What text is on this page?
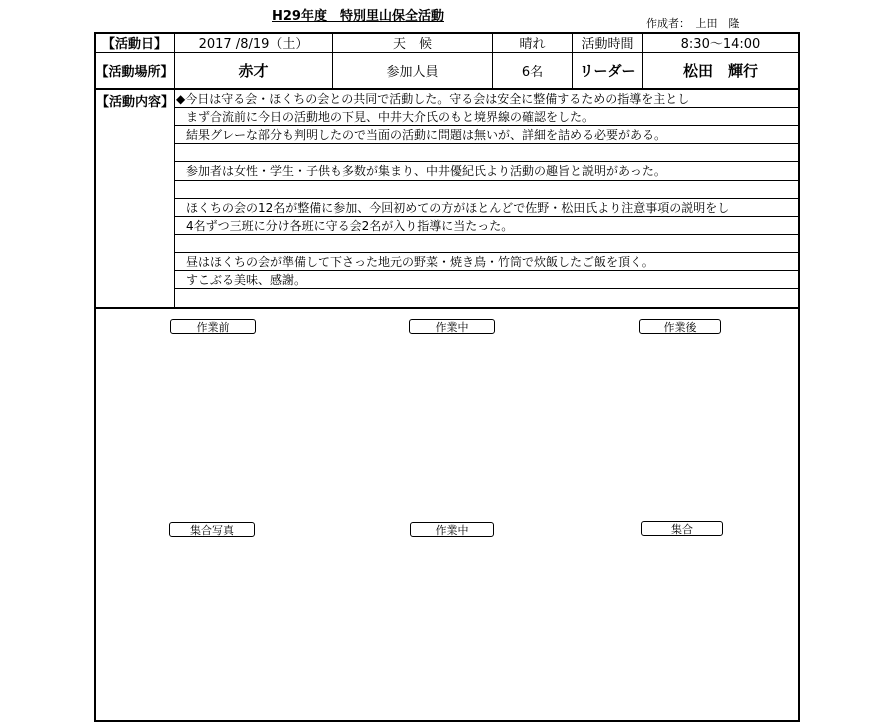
H29年度　特別里山保全活動	作成者：　上田　隆
【活動日】	2017 /8/19（土）	天　候	晴れ	活動時間	8:30〜14:00
【活動場所】	赤才	参加人員	6名	リーダー	松田　輝行
【活動内容】 ◆今日は守る会・ほくちの会との共同で活動した。守る会は安全に整備するための指導を主とし
まず合流前に今日の活動地の下見、中井大介氏のもと境界線の確認をした。
結果グレーな部分も判明したので当面の活動に問題は無いが、詳細を詰める必要がある。
参加者は女性・学生・子供も多数が集まり、中井優紀氏より活動の趣旨と説明があった。
ほくちの会の12名が整備に参加、今回初めての方がほとんどで佐野・松田氏より注意事項の説明をし
4名ずつ三班に分け各班に守る会2名が入り指導に当たった。
昼はほくちの会が準備して下さった地元の野菜・焼き鳥・竹筒で炊飯したご飯を頂く。
すこぶる美味、感謝。
作業前	作業中	作業後
集合写真	作業中	集合
